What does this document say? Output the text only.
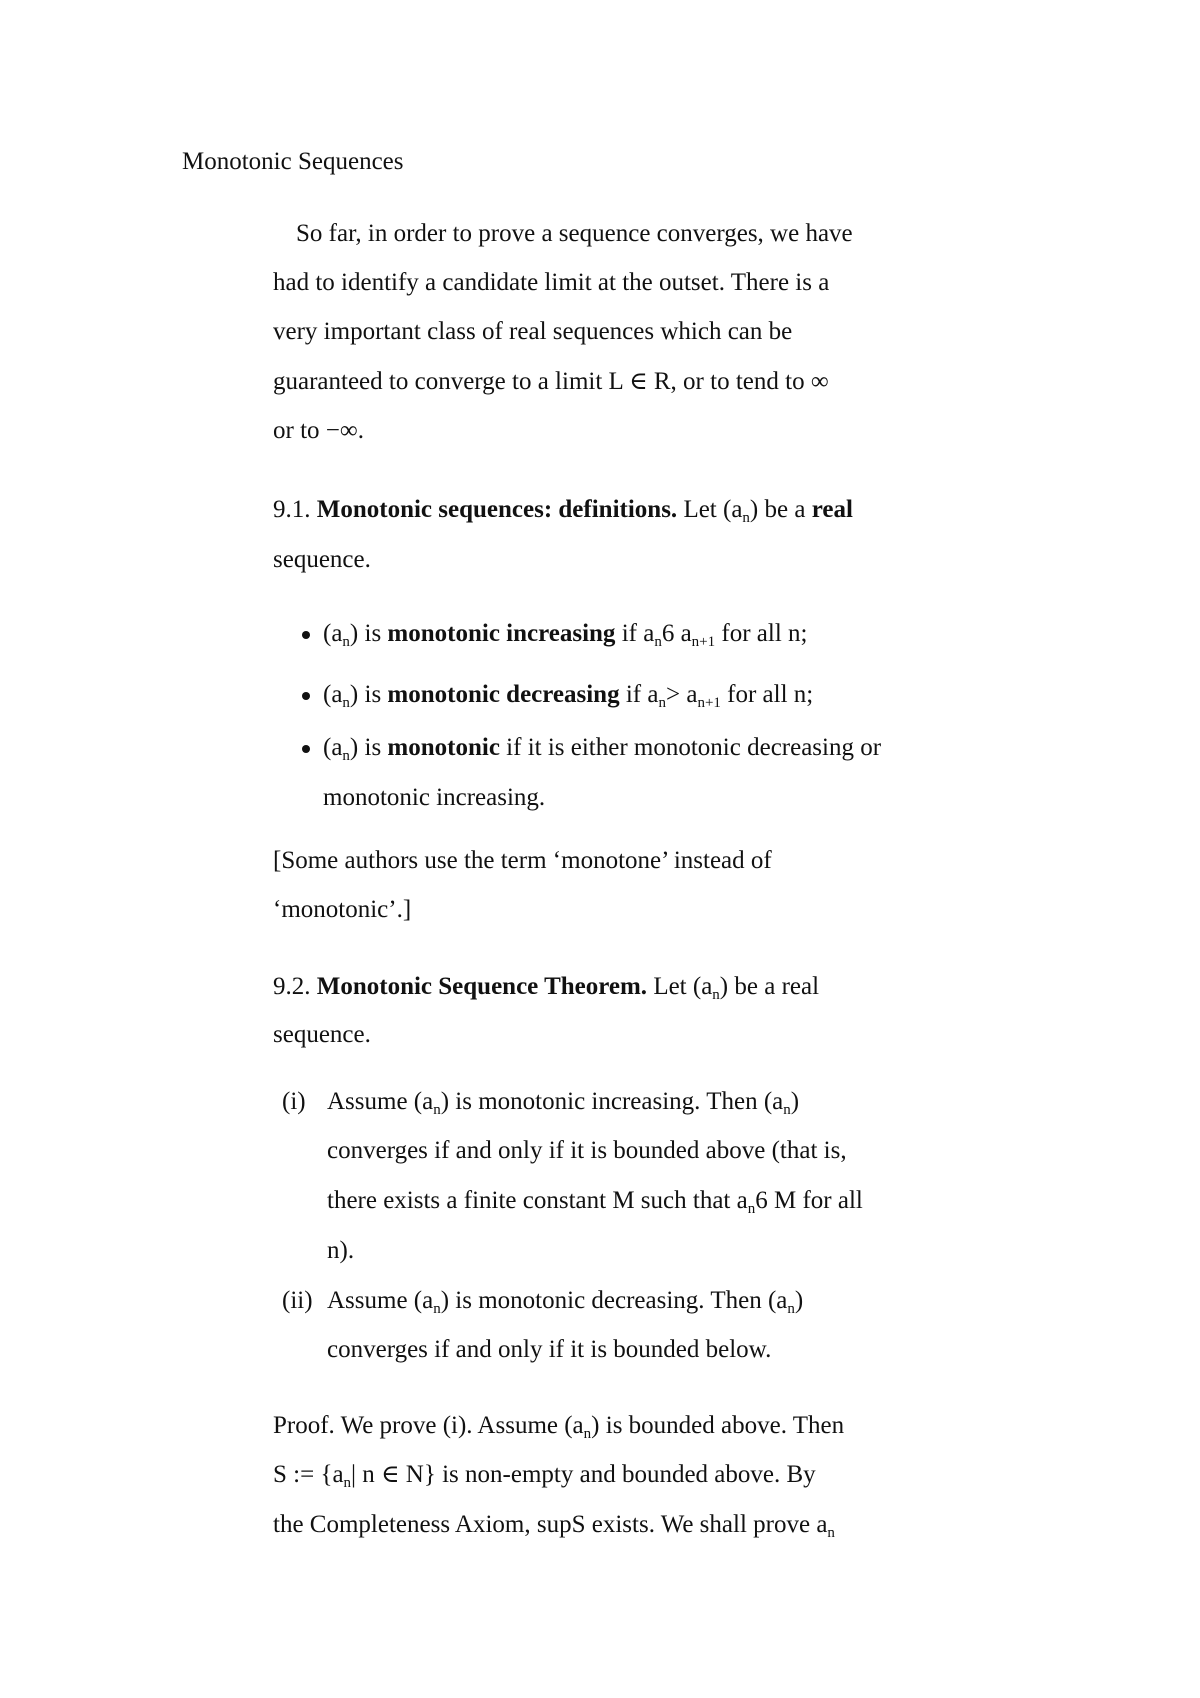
Monotonic Sequences
So far, in order to prove a sequence converges, we have
had to identify a candidate limit at the outset. There is a
very important class of real sequences which can be
guaranteed to converge to a limit L ∈ R, or to tend to ∞
or to −∞.
9.1. Monotonic sequences: definitions. Let $(a_n)$ be a real
sequence.
$(a_n)$ is monotonic increasing if $a_n6$ $a_{n+1}$ for all n;
$(a_n)$ is monotonic decreasing if $a_n> a_{n+1}$ for all n;
$(a_n)$ is monotonic if it is either monotonic decreasing or
monotonic increasing.
[Some authors use the term ‘monotone’ instead of
‘monotonic’.]
9.2. Monotonic Sequence Theorem. Let $(a_n)$ be a real
sequence.
(i) Assume $(a_n)$ is monotonic increasing. Then $(a_n)$
converges if and only if it is bounded above (that is,
there exists a finite constant M such that $a_n6$ M for all
n).
(ii) Assume $(a_n)$ is monotonic decreasing. Then $(a_n)$
converges if and only if it is bounded below.
Proof. We prove (i). Assume $(a_n)$ is bounded above. Then
S := {$a_n|$ n ∈ N} is non-empty and bounded above. By
the Completeness Axiom, supS exists. We shall prove $a_n$
